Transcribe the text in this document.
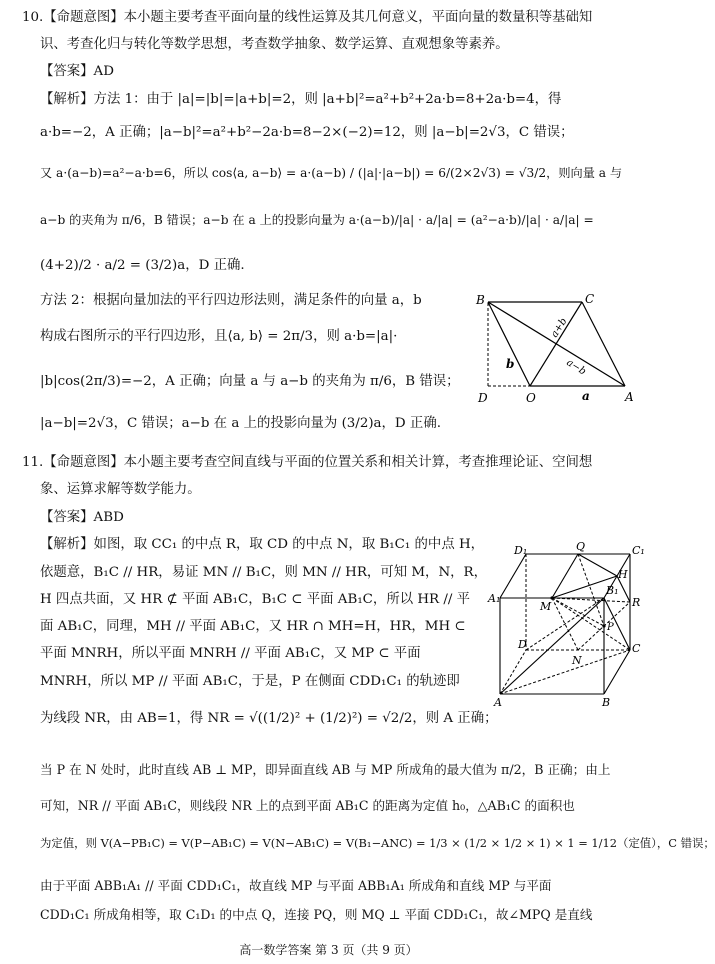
10.【命题意图】本小题主要考查平面向量的线性运算及其几何意义，平面向量的数量积等基础知
识、考查化归与转化等数学思想，考查数学抽象、数学运算、直观想象等素养。
【答案】AD
【解析】方法 1：由于 |a|=|b|=|a+b|=2，则 |a+b|²=a²+b²+2a·b=8+2a·b=4，得
a·b=−2，A 正确；|a−b|²=a²+b²−2a·b=8−2×(−2)=12，则 |a−b|=2√3，C 错误；
又 a·(a−b)=a²−a·b=6，所以 cos⟨a, a−b⟩ = a·(a−b) / (|a|·|a−b|) = 6/(2×2√3) = √3/2，则向量 a 与
a−b 的夹角为 π/6，B 错误；a−b 在 a 上的投影向量为 a·(a−b)/|a| · a/|a| = (a²−a·b)/|a| · a/|a| =
(4+2)/2 · a/2 = (3/2)a，D 正确.
方法 2：根据向量加法的平行四边形法则，满足条件的向量 a，b
构成右图所示的平行四边形，且⟨a, b⟩ = 2π/3，则 a·b=|a|·
|b|cos(2π/3)=−2，A 正确；向量 a 与 a−b 的夹角为 π/6，B 错误；
|a−b|=2√3，C 错误；a−b 在 a 上的投影向量为 (3/2)a，D 正确.
B	C
D	O	A
a+b
b	a−b
a
11.【命题意图】本小题主要考查空间直线与平面的位置关系和相关计算，考查推理论证、空间想
象、运算求解等数学能力。
【答案】ABD
【解析】如图，取 CC₁ 的中点 R，取 CD 的中点 N，取 B₁C₁ 的中点 H，
依题意，B₁C // HR，易证 MN // B₁C，则 MN // HR，可知 M，N，R，
H 四点共面，又 HR ⊄ 平面 AB₁C，B₁C ⊂ 平面 AB₁C，所以 HR // 平
面 AB₁C，同理，MH // 平面 AB₁C，又 HR ∩ MH=H，HR，MH ⊂
平面 MNRH，所以平面 MNRH // 平面 AB₁C，又 MP ⊂ 平面
MNRH，所以 MP // 平面 AB₁C，于是，P 在侧面 CDD₁C₁ 的轨迹即
为线段 NR，由 AB=1，得 NR = √((1/2)² + (1/2)²) = √2/2，则 A 正确；
当 P 在 N 处时，此时直线 AB ⊥ MP，即异面直线 AB 与 MP 所成角的最大值为 π/2，B 正确；由上
可知，NR // 平面 AB₁C，则线段 NR 上的点到平面 AB₁C 的距离为定值 h₀，△AB₁C 的面积也
为定值，则 V(A−PB₁C) = V(P−AB₁C) = V(N−AB₁C) = V(B₁−ANC) = 1/3 × (1/2 × 1/2 × 1) × 1 = 1/12（定值），C 错误；
由于平面 ABB₁A₁ // 平面 CDD₁C₁，故直线 MP 与平面 ABB₁A₁ 所成角和直线 MP 与平面
CDD₁C₁ 所成角相等，取 C₁D₁ 的中点 Q，连接 PQ，则 MQ ⊥ 平面 CDD₁C₁，故∠MPQ 是直线
D₁	Q	C₁
A₁
H
B₁
M	R
P
D
N
C
A	B
高一数学答案 第 3 页（共 9 页）
